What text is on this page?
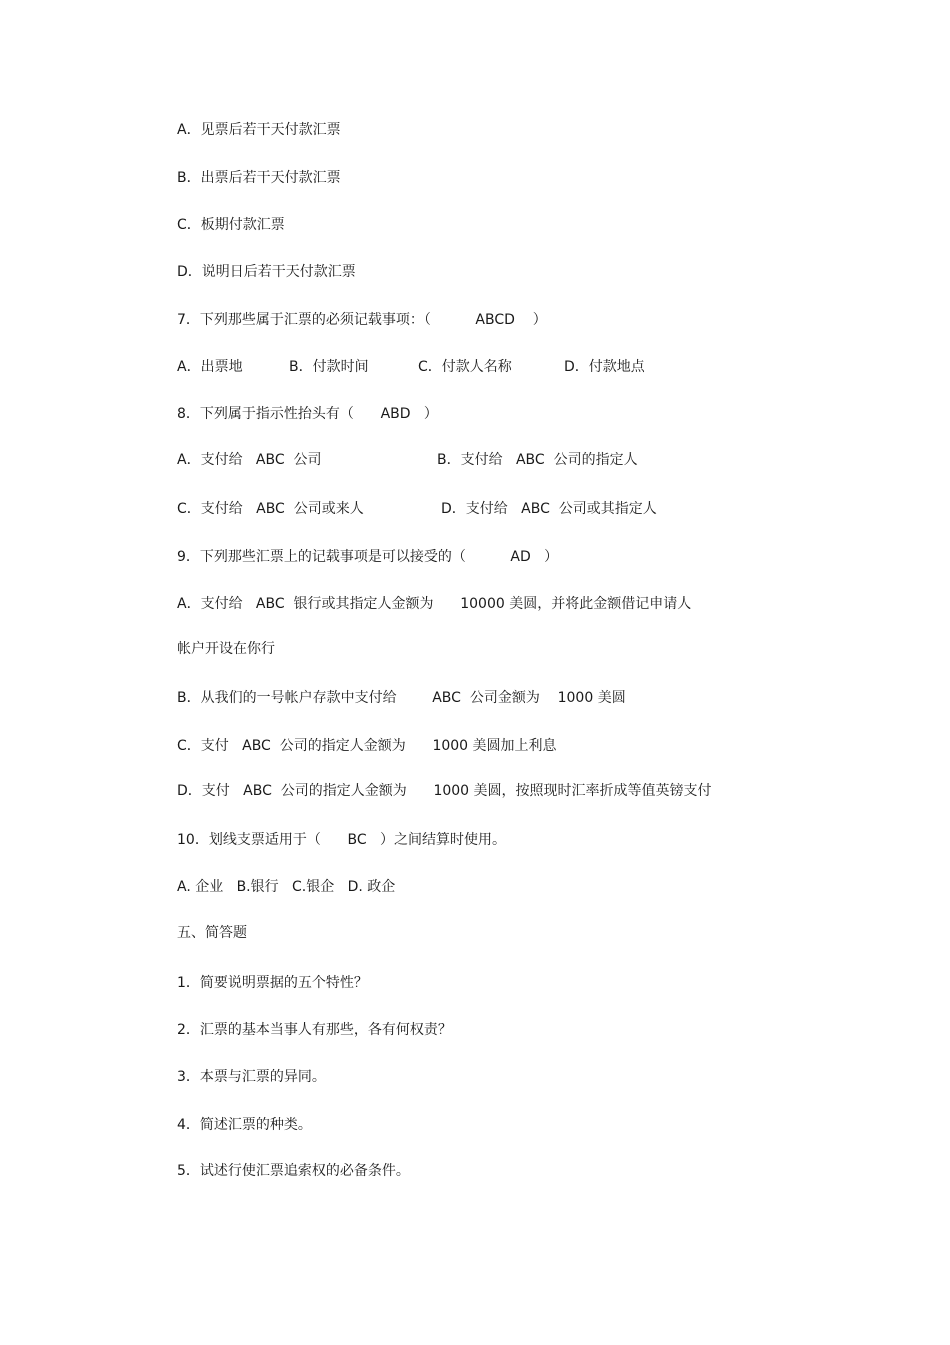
A．见票后若干天付款汇票
B．出票后若干天付款汇票
C．板期付款汇票
D．说明日后若干天付款汇票
7．下列那些属于汇票的必须记载事项：（          ABCD    ）
A．出票地	B．付款时间	C．付款人名称	D．付款地点
8．下列属于指示性抬头有（      ABD   ）
A．支付给   ABC  公司	B．支付给   ABC  公司的指定人
C．支付给   ABC  公司或来人	D．支付给   ABC  公司或其指定人
9．下列那些汇票上的记载事项是可以接受的（          AD   ）
A．支付给   ABC  银行或其指定人金额为      10000 美圆，并将此金额借记申请人
帐户开设在你行
B．从我们的一号帐户存款中支付给        ABC  公司金额为    1000 美圆
C．支付   ABC  公司的指定人金额为      1000 美圆加上利息
D．支付   ABC  公司的指定人金额为      1000 美圆，按照现时汇率折成等值英镑支付
10．划线支票适用于（      BC   ）之间结算时使用。
A. 企业   B.银行   C.银企   D. 政企
五、简答题
1．简要说明票据的五个特性？
2．汇票的基本当事人有那些，各有何权责？
3．本票与汇票的异同。
4．简述汇票的种类。
5．试述行使汇票追索权的必备条件。
